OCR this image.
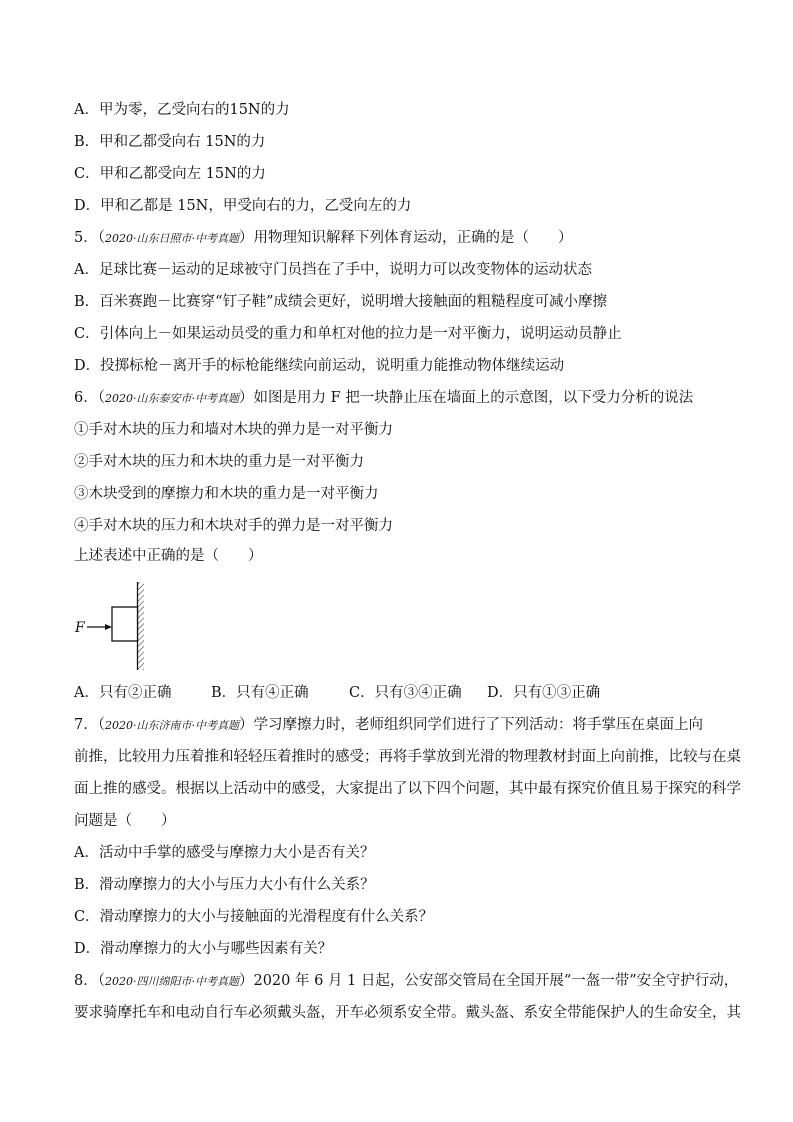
A．甲为零，乙受向右的15N的力
B．甲和乙都受向右 15N的力
C．甲和乙都受向左 15N的力
D．甲和乙都是 15N，甲受向右的力，乙受向左的力
5．（2020·山东日照市·中考真题）用物理知识解释下列体育运动，正确的是（　　）
A．足球比赛－运动的足球被守门员挡在了手中，说明力可以改变物体的运动状态
B．百米赛跑－比赛穿“钉子鞋”成绩会更好，说明增大接触面的粗糙程度可减小摩擦
C．引体向上－如果运动员受的重力和单杠对他的拉力是一对平衡力，说明运动员静止
D．投掷标枪－离开手的标枪能继续向前运动，说明重力能推动物体继续运动
6．（2020·山东泰安市·中考真题）如图是用力 F 把一块静止压在墙面上的示意图，以下受力分析的说法
①手对木块的压力和墙对木块的弹力是一对平衡力
②手对木块的压力和木块的重力是一对平衡力
③木块受到的摩擦力和木块的重力是一对平衡力
④手对木块的压力和木块对手的弹力是一对平衡力
上述表述中正确的是（　　）
F
A．只有②正确	B．只有④正确	C．只有③④正确	D．只有①③正确
7．（2020·山东济南市·中考真题）学习摩擦力时，老师组织同学们进行了下列活动：将手掌压在桌面上向
前推，比较用力压着推和轻轻压着推时的感受；再将手掌放到光滑的物理教材封面上向前推，比较与在桌
面上推的感受。根据以上活动中的感受，大家提出了以下四个问题，其中最有探究价值且易于探究的科学
问题是（　　）
A．活动中手掌的感受与摩擦力大小是否有关？
B．滑动摩擦力的大小与压力大小有什么关系？
C．滑动摩擦力的大小与接触面的光滑程度有什么关系？
D．滑动摩擦力的大小与哪些因素有关？
8．（2020·四川绵阳市·中考真题）2020 年 6 月 1 日起，公安部交管局在全国开展“一盔一带”安全守护行动，
要求骑摩托车和电动自行车必须戴头盔，开车必须系安全带。戴头盔、系安全带能保护人的生命安全，其
